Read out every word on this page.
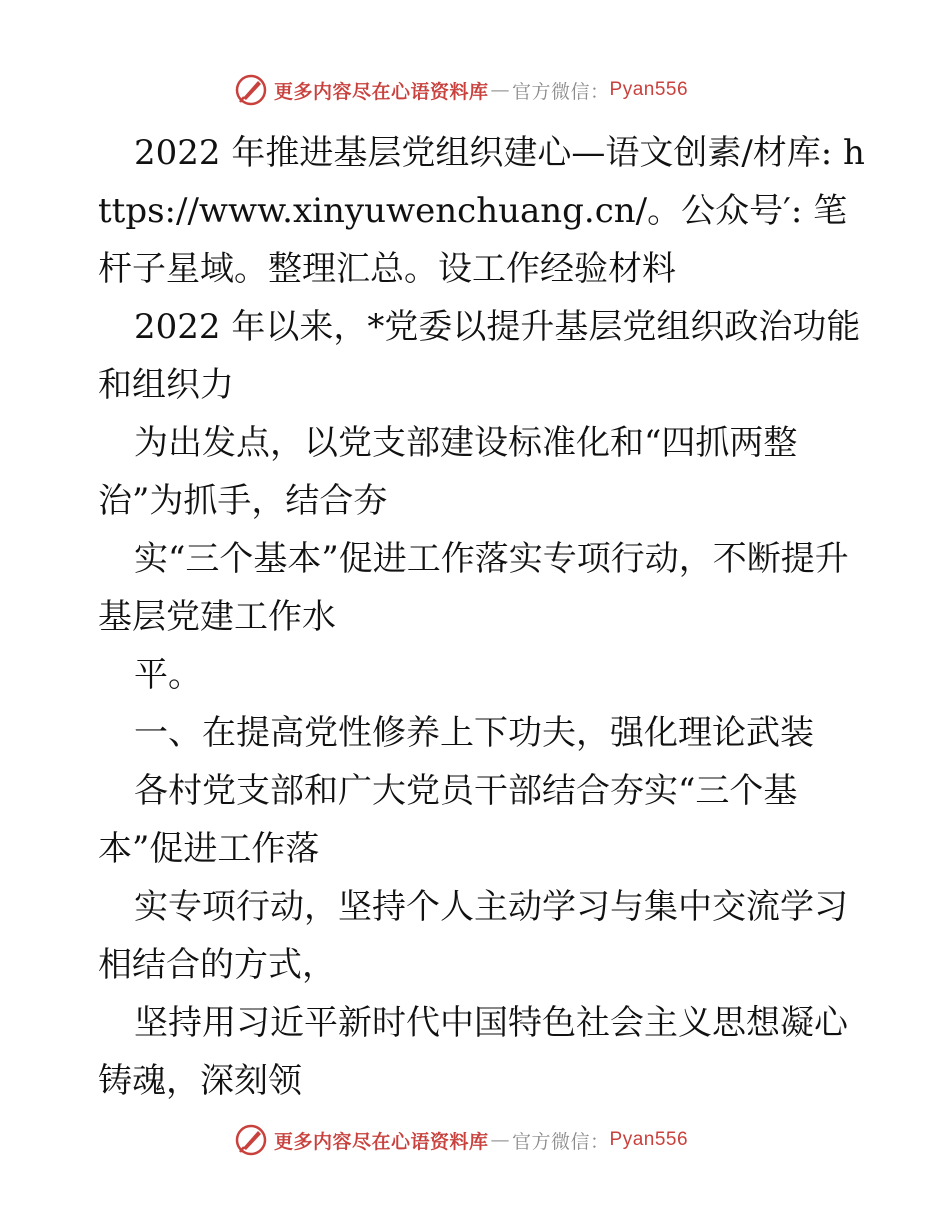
更多内容尽在心语资料库 — 官方微信： Pyan556

2022 年推进基层党组织建心—语文创素/材库: https://www.xinyuwenchuang.cn/。公众号′: 笔杆子星域。整理汇总。设工作经验材料

2022 年以来，*党委以提升基层党组织政治功能和组织力

为出发点，以党支部建设标准化和“四抓两整治”为抓手，结合夯

实“三个基本”促进工作落实专项行动，不断提升基层党建工作水

平。

一、在提高党性修养上下功夫，强化理论武装

各村党支部和广大党员干部结合夯实“三个基本”促进工作落

实专项行动，坚持个人主动学习与集中交流学习相结合的方式，

坚持用习近平新时代中国特色社会主义思想凝心铸魂，深刻领

更多内容尽在心语资料库 — 官方微信： Pyan556
